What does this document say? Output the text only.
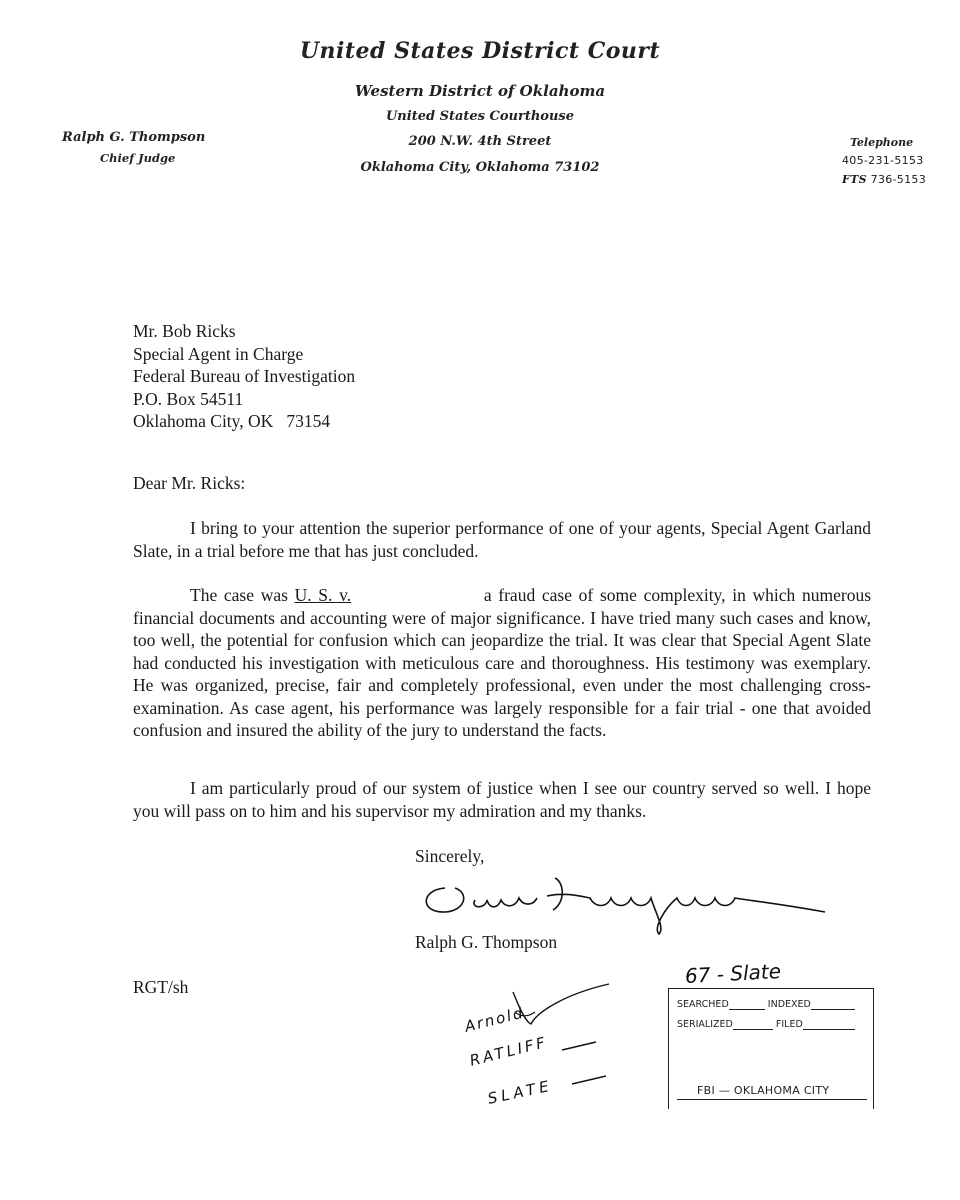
United States District Court
Western District of Oklahoma
United States Courthouse
200 N.W. 4th Street
Oklahoma City, Oklahoma 73102
Ralph G. Thompson
Chief Judge
Telephone
405-231-5153
FTS 736-5153
Mr. Bob Ricks
Special Agent in Charge
Federal Bureau of Investigation
P.O. Box 54511
Oklahoma City, OK   73154
Dear Mr. Ricks:

I bring to your attention the superior performance of one of your agents, Special Agent Garland Slate, in a trial before me that has just concluded.

The case was U. S. v.	a fraud case of some complexity, in which numerous financial documents and accounting were of major significance. I have tried many such cases and know, too well, the potential for confusion which can jeopardize the trial. It was clear that Special Agent Slate had conducted his investigation with meticulous care and thoroughness. His testimony was exemplary. He was organized, precise, fair and completely professional, even under the most challenging cross-examination. As case agent, his performance was largely responsible for a fair trial - one that avoided confusion and insured the ability of the jury to understand the facts.

I am particularly proud of our system of justice when I see our country served so well. I hope you will pass on to him and his supervisor my admiration and my thanks.

Sincerely,
Ralph G. Thompson
RGT/sh
Arnold
RATLIFF
SLATE
67 - Slate
SEARCHED	INDEXED
SERIALIZED	FILED
FBI — OKLAHOMA CITY
